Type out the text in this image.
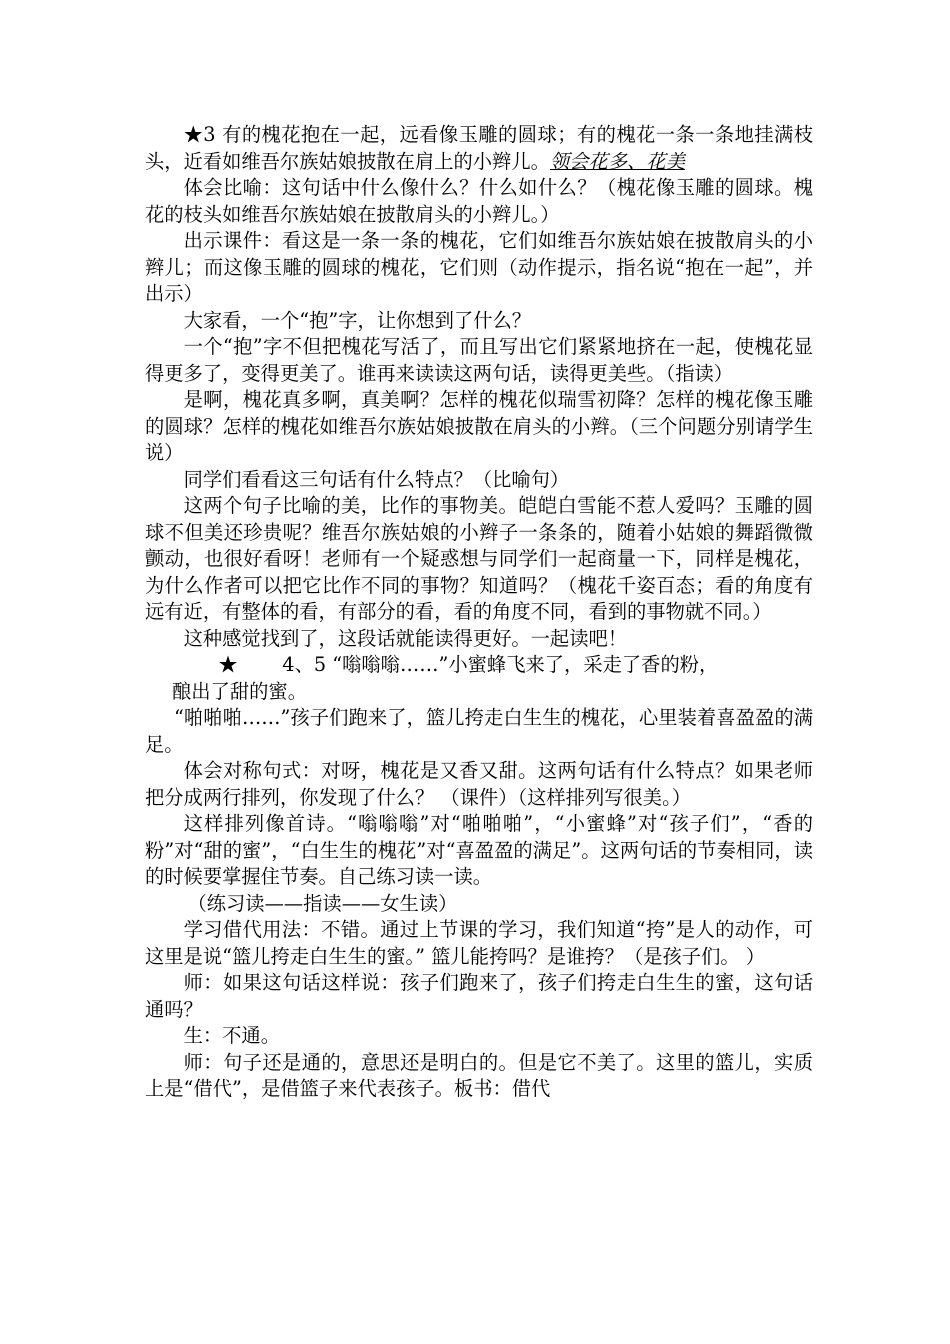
★3 有的槐花抱在一起，远看像玉雕的圆球；有的槐花一条一条地挂满枝头，近看如维吾尔族姑娘披散在肩上的小辫儿。领会花多、花美

体会比喻：这句话中什么像什么？什么如什么？（槐花像玉雕的圆球。槐花的枝头如维吾尔族姑娘在披散肩头的小辫儿。）

出示课件：看这是一条一条的槐花，它们如维吾尔族姑娘在披散肩头的小辫儿；而这像玉雕的圆球的槐花，它们则（动作提示，指名说“抱在一起”，并出示）

大家看，一个“抱”字，让你想到了什么？

一个“抱”字不但把槐花写活了，而且写出它们紧紧地挤在一起，使槐花显得更多了，变得更美了。谁再来读读这两句话，读得更美些。（指读）

是啊，槐花真多啊，真美啊？怎样的槐花似瑞雪初降？怎样的槐花像玉雕的圆球？怎样的槐花如维吾尔族姑娘披散在肩头的小辫。（三个问题分别请学生说）

同学们看看这三句话有什么特点？（比喻句）

这两个句子比喻的美，比作的事物美。皑皑白雪能不惹人爱吗？玉雕的圆球不但美还珍贵呢？维吾尔族姑娘的小辫子一条条的，随着小姑娘的舞蹈微微颤动，也很好看呀！老师有一个疑惑想与同学们一起商量一下，同样是槐花，为什么作者可以把它比作不同的事物？知道吗？（槐花千姿百态；看的角度有远有近，有整体的看，有部分的看，看的角度不同，看到的事物就不同。）

这种感觉找到了，这段话就能读得更好。一起读吧！

★　　 4、5 “嗡嗡嗡……”小蜜蜂飞来了，采走了香的粉，

酿出了甜的蜜。

“啪啪啪……”孩子们跑来了，篮儿挎走白生生的槐花，心里装着喜盈盈的满足。

体会对称句式：对呀，槐花是又香又甜。这两句话有什么特点？如果老师把分成两行排列，你发现了什么？ （课件）（这样排列写很美。）

这样排列像首诗。“嗡嗡嗡”对“啪啪啪”，“小蜜蜂”对“孩子们”，“香的粉”对“甜的蜜”，“白生生的槐花”对“喜盈盈的满足”。这两句话的节奏相同，读的时候要掌握住节奏。自己练习读一读。

（练习读——指读——女生读）

学习借代用法：不错。通过上节课的学习，我们知道“挎”是人的动作，可这里是说“篮儿挎走白生生的蜜。” 篮儿能挎吗？是谁挎？（是孩子们。 ）

师：如果这句话这样说：孩子们跑来了，孩子们挎走白生生的蜜，这句话通吗？

生：不通。

师：句子还是通的，意思还是明白的。但是它不美了。这里的篮儿，实质上是“借代”，是借篮子来代表孩子。板书：借代
